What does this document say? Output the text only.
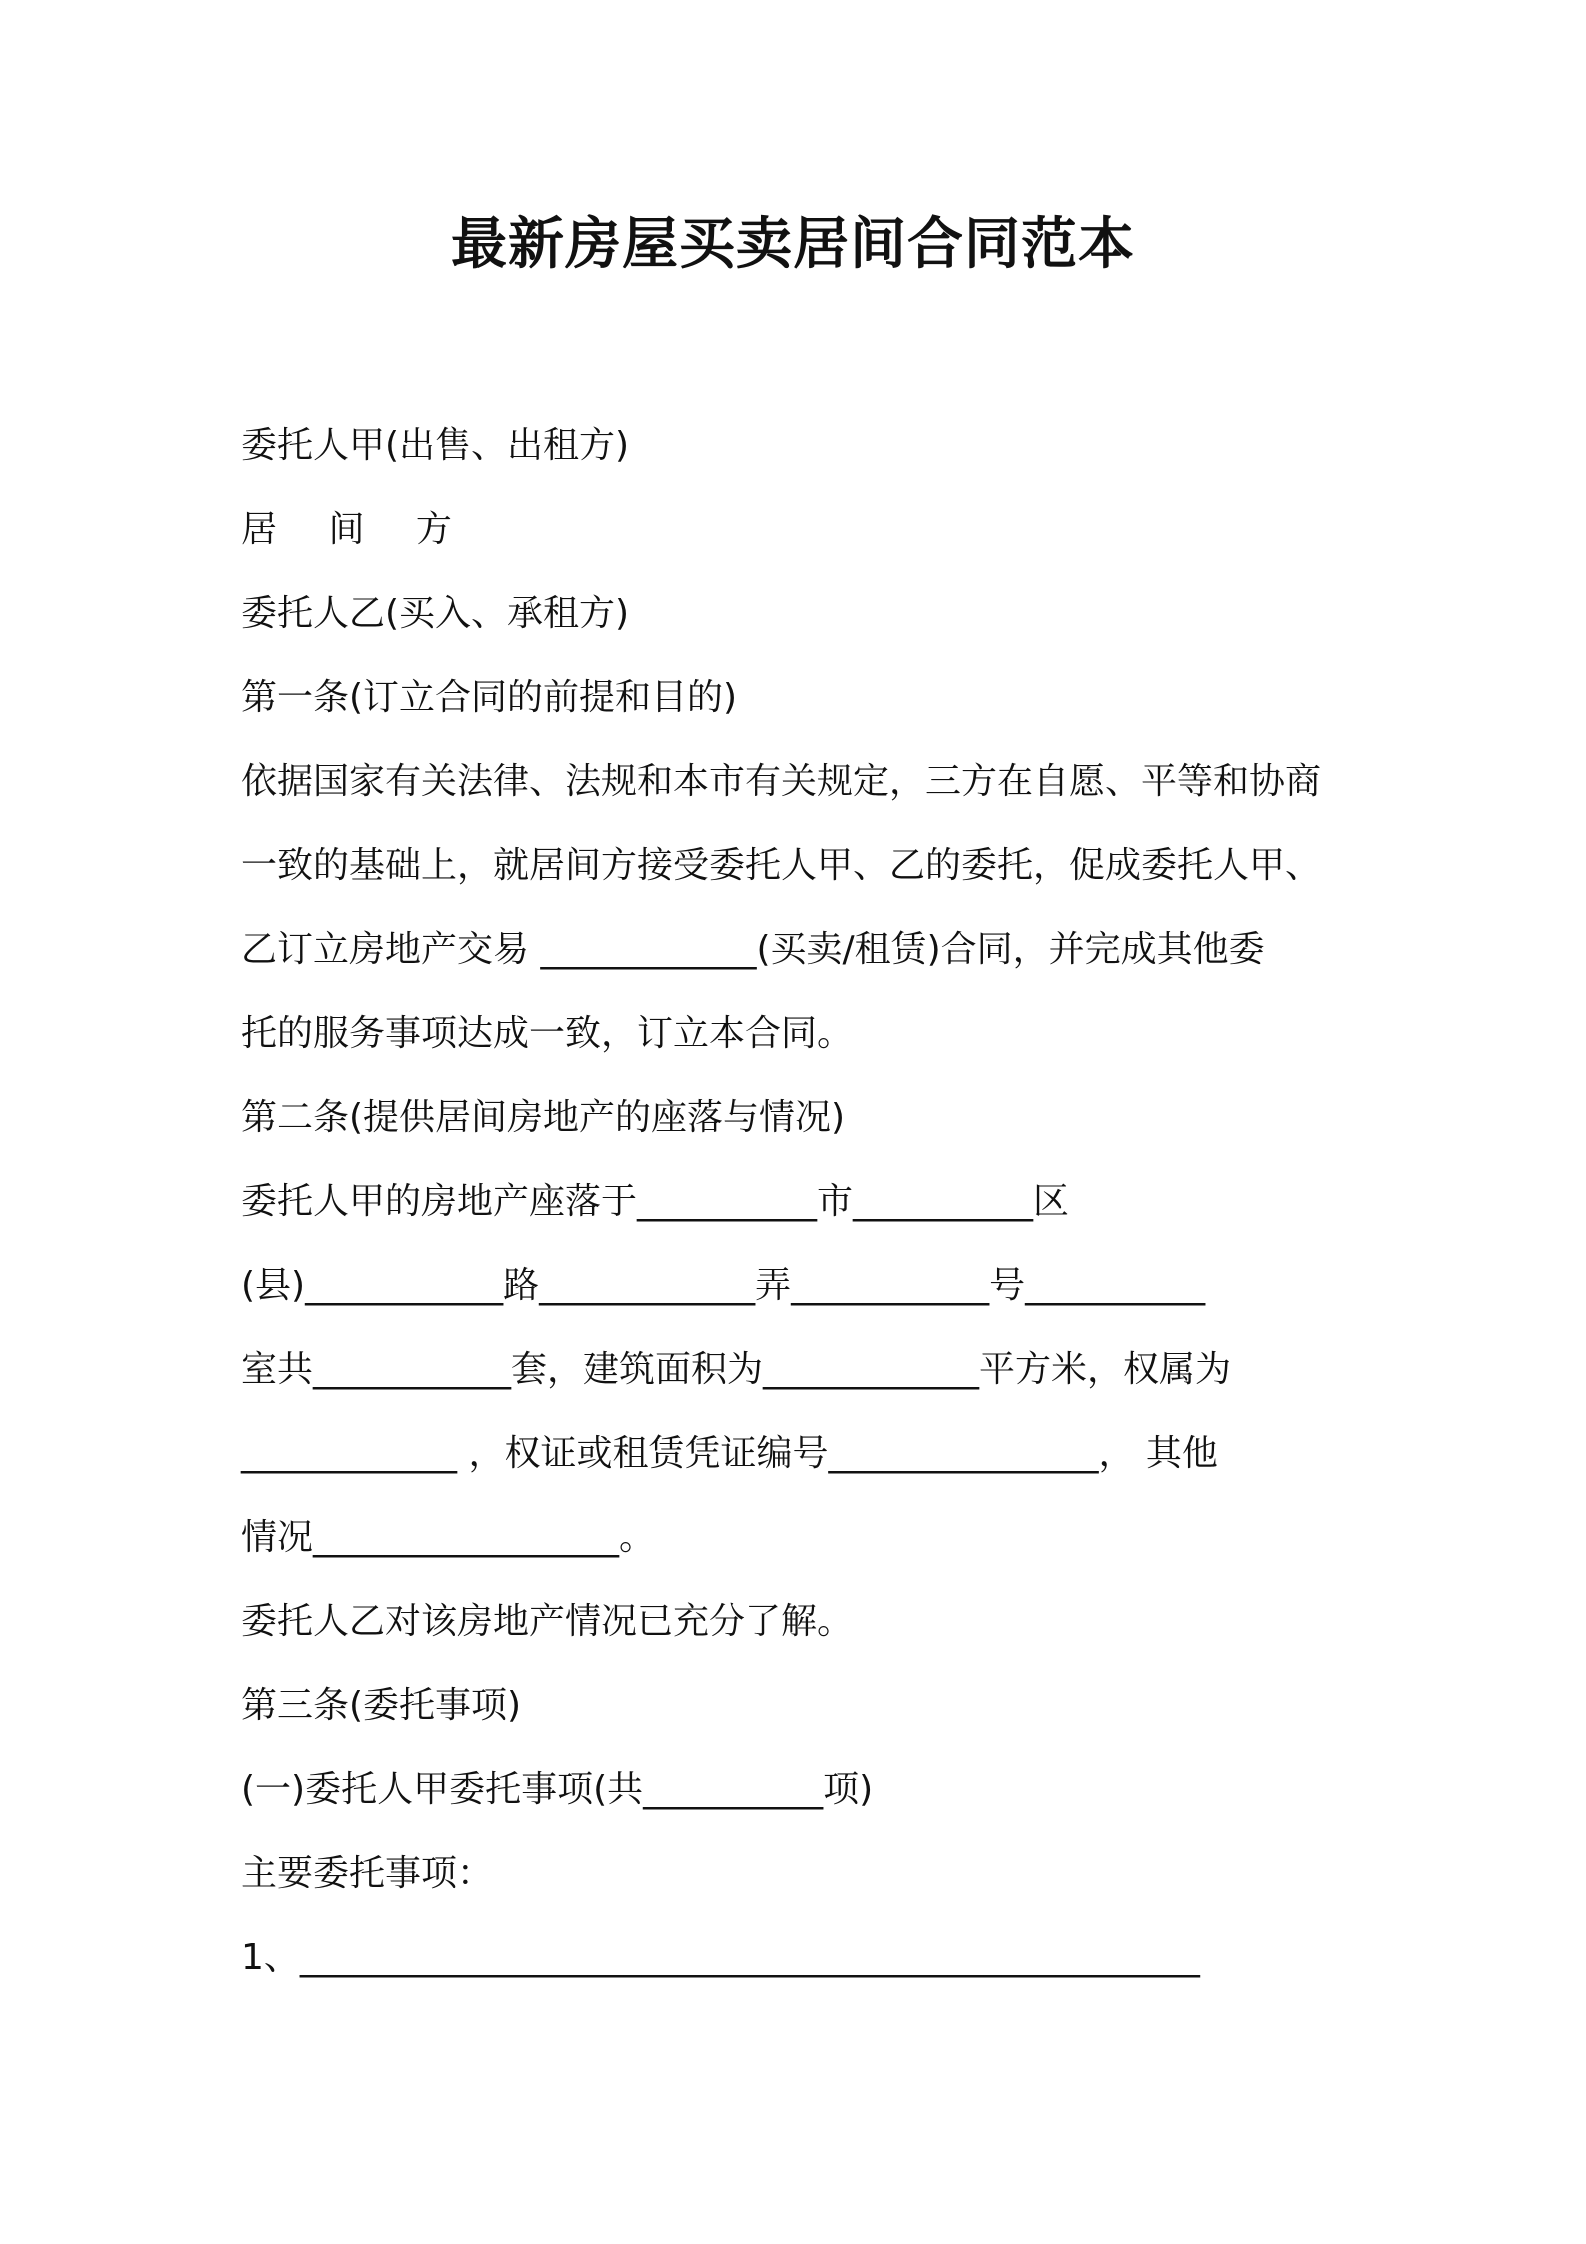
最新房屋买卖居间合同范本
委托人甲(出售、出租方)
居 间 方
委托人乙(买入、承租方)
第一条(订立合同的前提和目的)
依据国家有关法律、法规和本市有关规定，三方在自愿、平等和协商
一致的基础上，就居间方接受委托人甲、乙的委托，促成委托人甲、
乙订立房地产交易 ____________(买卖/租赁)合同，并完成其他委
托的服务事项达成一致，订立本合同。
第二条(提供居间房地产的座落与情况)
委托人甲的房地产座落于__________市__________区
(县)___________路____________弄___________号__________
室共___________套，建筑面积为____________平方米，权属为
____________ ，权证或租赁凭证编号_______________， 其他
情况_________________。
委托人乙对该房地产情况已充分了解。
第三条(委托事项)
(一)委托人甲委托事项(共__________项)
主要委托事项：
1、__________________________________________________
